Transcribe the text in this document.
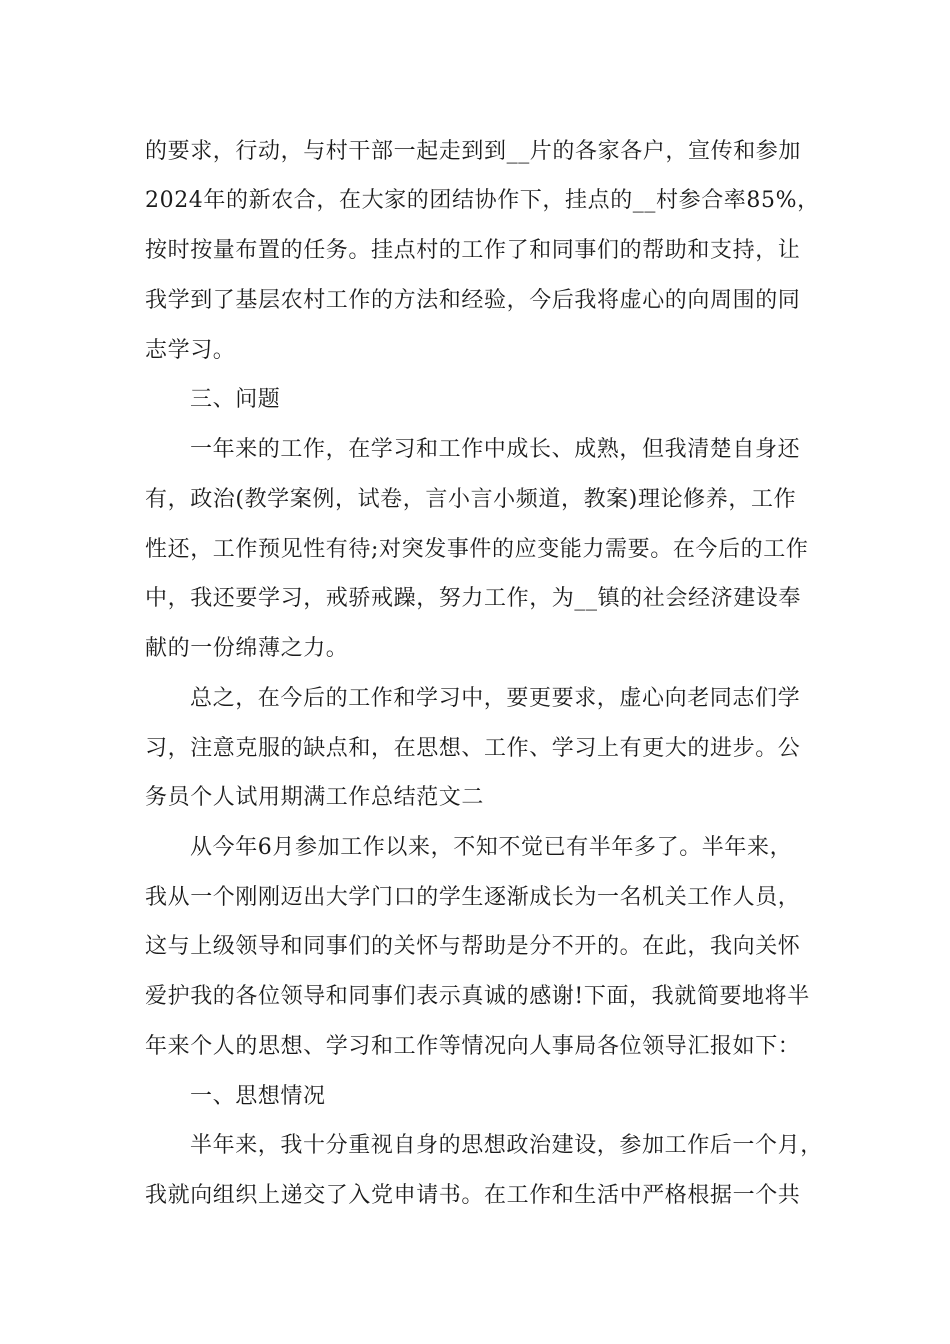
的要求，行动，与村干部一起走到到__片的各家各户，宣传和参加
2024年的新农合，在大家的团结协作下，挂点的__村参合率85%，
按时按量布置的任务。挂点村的工作了和同事们的帮助和支持，让
我学到了基层农村工作的方法和经验，今后我将虚心的向周围的同
志学习。
三、问题
一年来的工作，在学习和工作中成长、成熟，但我清楚自身还
有，政治(教学案例，试卷，言小言小频道，教案)理论修养，工作
性还，工作预见性有待;对突发事件的应变能力需要。在今后的工作
中，我还要学习，戒骄戒躁，努力工作，为__镇的社会经济建设奉
献的一份绵薄之力。
总之，在今后的工作和学习中，要更要求，虚心向老同志们学
习，注意克服的缺点和，在思想、工作、学习上有更大的进步。公
务员个人试用期满工作总结范文二
从今年6月参加工作以来，不知不觉已有半年多了。半年来，
我从一个刚刚迈出大学门口的学生逐渐成长为一名机关工作人员，
这与上级领导和同事们的关怀与帮助是分不开的。在此，我向关怀
爱护我的各位领导和同事们表示真诚的感谢!下面，我就简要地将半
年来个人的思想、学习和工作等情况向人事局各位领导汇报如下：
一、思想情况
半年来，我十分重视自身的思想政治建设，参加工作后一个月，
我就向组织上递交了入党申请书。在工作和生活中严格根据一个共
